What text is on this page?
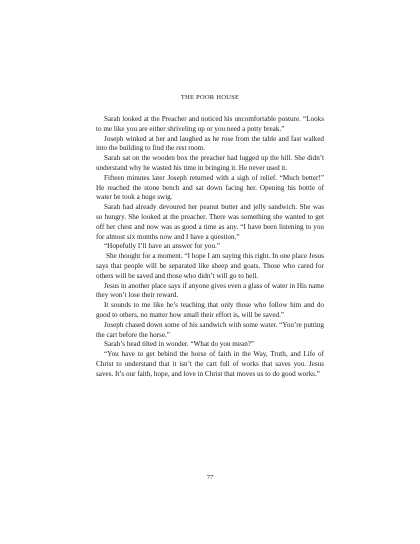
THE POOR HOUSE

Sarah looked at the Preacher and noticed his uncomfortable posture. “Looks to me like you are either shriveling up or you need a potty break.”

Joseph winked at her and laughed as he rose from the table and fast walked into the building to find the rest room.

Sarah sat on the wooden box the preacher had lugged up the hill. She didn’t understand why he wasted his time in bringing it. He never used it.

Fifteen minutes later Joseph returned with a sigh of relief. “Much better!” He reached the stone bench and sat down facing her. Opening his bottle of water he took a huge swig.

Sarah had already devoured her peanut butter and jelly sandwich. She was so hungry. She looked at the preacher. There was something she wanted to get off her chest and now was as good a time as any. “I have been listening to you for almost six months now and I have a question.”

“Hopefully I’ll have an answer for you.”

She thought for a moment. “I hope I am saying this right. In one place Jesus says that people will be separated like sheep and goats. Those who cared for others will be saved and those who didn’t will go to hell.

Jesus in another place says if anyone gives even a glass of water in His name they won’t lose their reward.

It sounds to me like he’s teaching that only those who follow him and do good to others, no matter how small their effort is, will be saved.”

Joseph chased down some of his sandwich with some water. “You’re putting the cart before the horse.”

Sarah’s head tilted in wonder. “What do you mean?”

“You have to get behind the horse of faith in the Way, Truth, and Life of Christ to understand that it isn’t the cart full of works that saves you. Jesus saves. It’s our faith, hope, and love in Christ that moves us to do good works.”

77
